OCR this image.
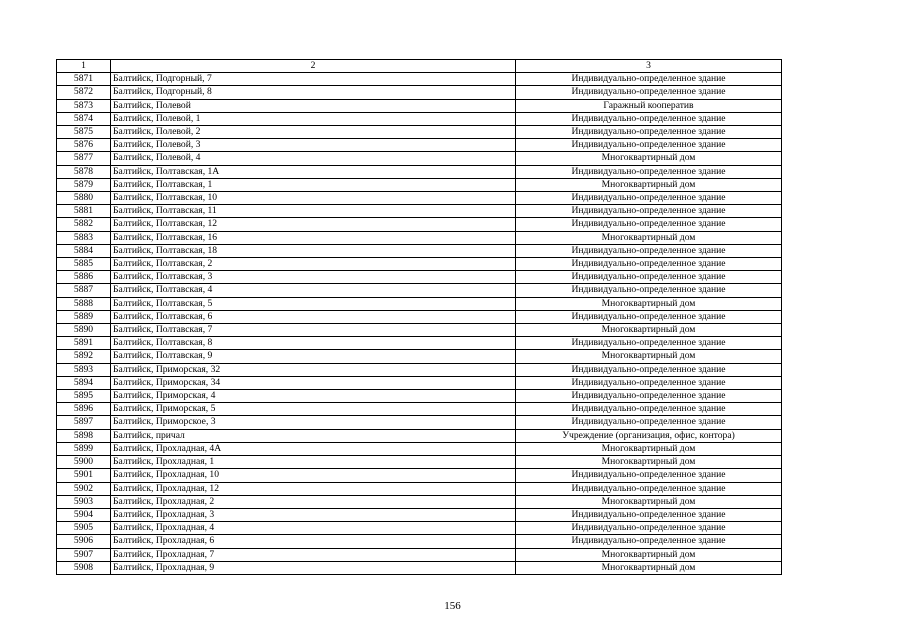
1	2	3
5871	Балтийск, Подгорный, 7	Индивидуально-определенное здание
5872	Балтийск, Подгорный, 8	Индивидуально-определенное здание
5873	Балтийск, Полевой	Гаражный кооператив
5874	Балтийск, Полевой, 1	Индивидуально-определенное здание
5875	Балтийск, Полевой, 2	Индивидуально-определенное здание
5876	Балтийск, Полевой, 3	Индивидуально-определенное здание
5877	Балтийск, Полевой, 4	Многоквартирный дом
5878	Балтийск, Полтавская, 1А	Индивидуально-определенное здание
5879	Балтийск, Полтавская, 1	Многоквартирный дом
5880	Балтийск, Полтавская, 10	Индивидуально-определенное здание
5881	Балтийск, Полтавская, 11	Индивидуально-определенное здание
5882	Балтийск, Полтавская, 12	Индивидуально-определенное здание
5883	Балтийск, Полтавская, 16	Многоквартирный дом
5884	Балтийск, Полтавская, 18	Индивидуально-определенное здание
5885	Балтийск, Полтавская, 2	Индивидуально-определенное здание
5886	Балтийск, Полтавская, 3	Индивидуально-определенное здание
5887	Балтийск, Полтавская, 4	Индивидуально-определенное здание
5888	Балтийск, Полтавская, 5	Многоквартирный дом
5889	Балтийск, Полтавская, 6	Индивидуально-определенное здание
5890	Балтийск, Полтавская, 7	Многоквартирный дом
5891	Балтийск, Полтавская, 8	Индивидуально-определенное здание
5892	Балтийск, Полтавская, 9	Многоквартирный дом
5893	Балтийск, Приморская, 32	Индивидуально-определенное здание
5894	Балтийск, Приморская, 34	Индивидуально-определенное здание
5895	Балтийск, Приморская, 4	Индивидуально-определенное здание
5896	Балтийск, Приморская, 5	Индивидуально-определенное здание
5897	Балтийск, Приморское, 3	Индивидуально-определенное здание
5898	Балтийск, причал	Учреждение (организация, офис, контора)
5899	Балтийск, Прохладная, 4А	Многоквартирный дом
5900	Балтийск, Прохладная, 1	Многоквартирный дом
5901	Балтийск, Прохладная, 10	Индивидуально-определенное здание
5902	Балтийск, Прохладная, 12	Индивидуально-определенное здание
5903	Балтийск, Прохладная, 2	Многоквартирный дом
5904	Балтийск, Прохладная, 3	Индивидуально-определенное здание
5905	Балтийск, Прохладная, 4	Индивидуально-определенное здание
5906	Балтийск, Прохладная, 6	Индивидуально-определенное здание
5907	Балтийск, Прохладная, 7	Многоквартирный дом
5908	Балтийск, Прохладная, 9	Многоквартирный дом
156
